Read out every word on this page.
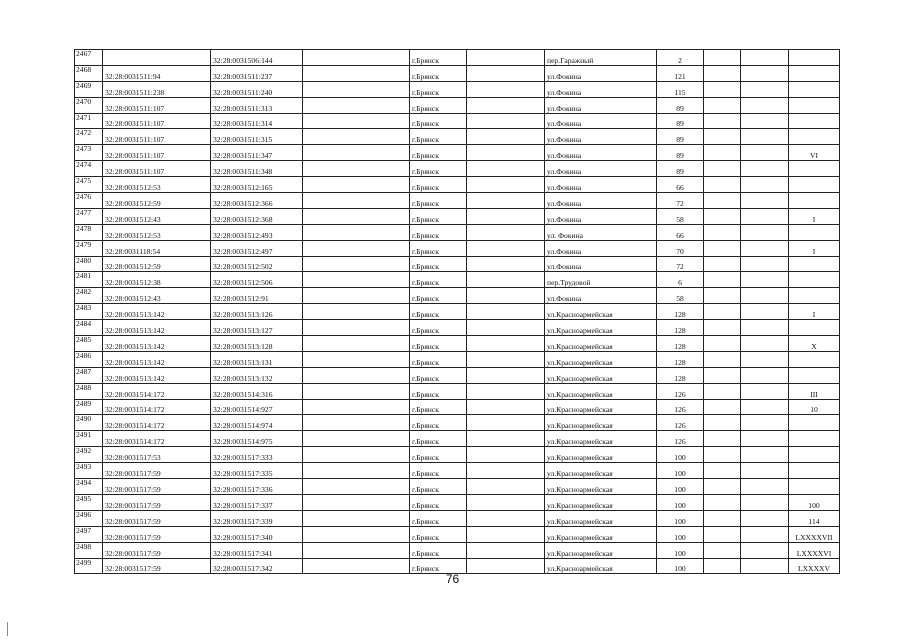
2467		32:28:0031506:144		г.Брянск		пер.Гаражный	2			
2468	32:28:0031511:94	32:28:0031511:237		г.Брянск		ул.Фокина	121			
2469	32:28:0031511:238	32:28:0031511:240		г.Брянск		ул.Фокина	115			
2470	32:28:0031511:107	32:28:0031511:313		г.Брянск		ул.Фокина	89			
2471	32:28:0031511:107	32:28:0031511:314		г.Брянск		ул.Фокина	89			
2472	32:28:0031511:107	32:28:0031511:315		г.Брянск		ул.Фокина	89			
2473	32:28:0031511:107	32:28:0031511:347		г.Брянск		ул.Фокина	89			VI
2474	32:28:0031511:107	32:28:0031511:348		г.Брянск		ул.Фокина	89			
2475	32:28:0031512:53	32:28:0031512:165		г.Брянск		ул.Фокина	66			
2476	32:28:0031512:59	32:28:0031512:366		г.Брянск		ул.Фокина	72			
2477	32:28:0031512:43	32:28:0031512:368		г.Брянск		ул.Фокина	58			I
2478	32:28:0031512:53	32:28:0031512:493		г.Брянск		ул. Фокина	66			
2479	32:28:0031118:54	32:28:0031512:497		г.Брянск		ул.Фокина	70			I
2480	32:28:0031512:59	32:28:0031512:502		г.Брянск		ул.Фокина	72			
2481	32:28:0031512:38	32:28:0031512:506		г.Брянск		пер.Трудовой	6			
2482	32:28:0031512:43	32:28:0031512:91		г.Брянск		ул.Фокина	58			
2483	32:28:0031513:142	32:28:0031513:126		г.Брянск		ул.Красноармейская	128			I
2484	32:28:0031513:142	32:28:0031513:127		г.Брянск		ул.Красноармейская	128			
2485	32:28:0031513:142	32:28:0031513:128		г.Брянск		ул.Красноармейская	128			X
2486	32:28:0031513:142	32:28:0031513:131		г.Брянск		ул.Красноармейская	128			
2487	32:28:0031513:142	32:28:0031513:132		г.Брянск		ул.Красноармейская	128			
2488	32:28:0031514:172	32:28:0031514:316		г.Брянск		ул.Красноармейская	126			III
2489	32:28:0031514:172	32:28:0031514:927		г.Брянск		ул.Красноармейская	126			10
2490	32:28:0031514:172	32:28:0031514:974		г.Брянск		ул.Красноармейская	126			
2491	32:28:0031514:172	32:28:0031514:975		г.Брянск		ул.Красноармейская	126			
2492	32:28:0031517:53	32:28:0031517:333		г.Брянск		ул.Красноармейская	100			
2493	32:28:0031517:59	32:28:0031517:335		г.Брянск		ул.Красноармейская	100			
2494	32:28:0031517:59	32:28:0031517:336		г.Брянск		ул.Красноармейская	100			
2495	32:28:0031517:59	32:28:0031517:337		г.Брянск		ул.Красноармейская	100			100
2496	32:28:0031517:59	32:28:0031517:339		г.Брянск		ул.Красноармейская	100			114
2497	32:28:0031517:59	32:28:0031517:340		г.Брянск		ул.Красноармейская	100			LXXXXVII
2498	32:28:0031517:59	32:28:0031517:341		г.Брянск		ул.Красноармейская	100			LXXXXVI
2499	32:28:0031517:59	32:28:0031517:342		г.Брянск		ул.Красноармейская	100			LXXXXV
76
